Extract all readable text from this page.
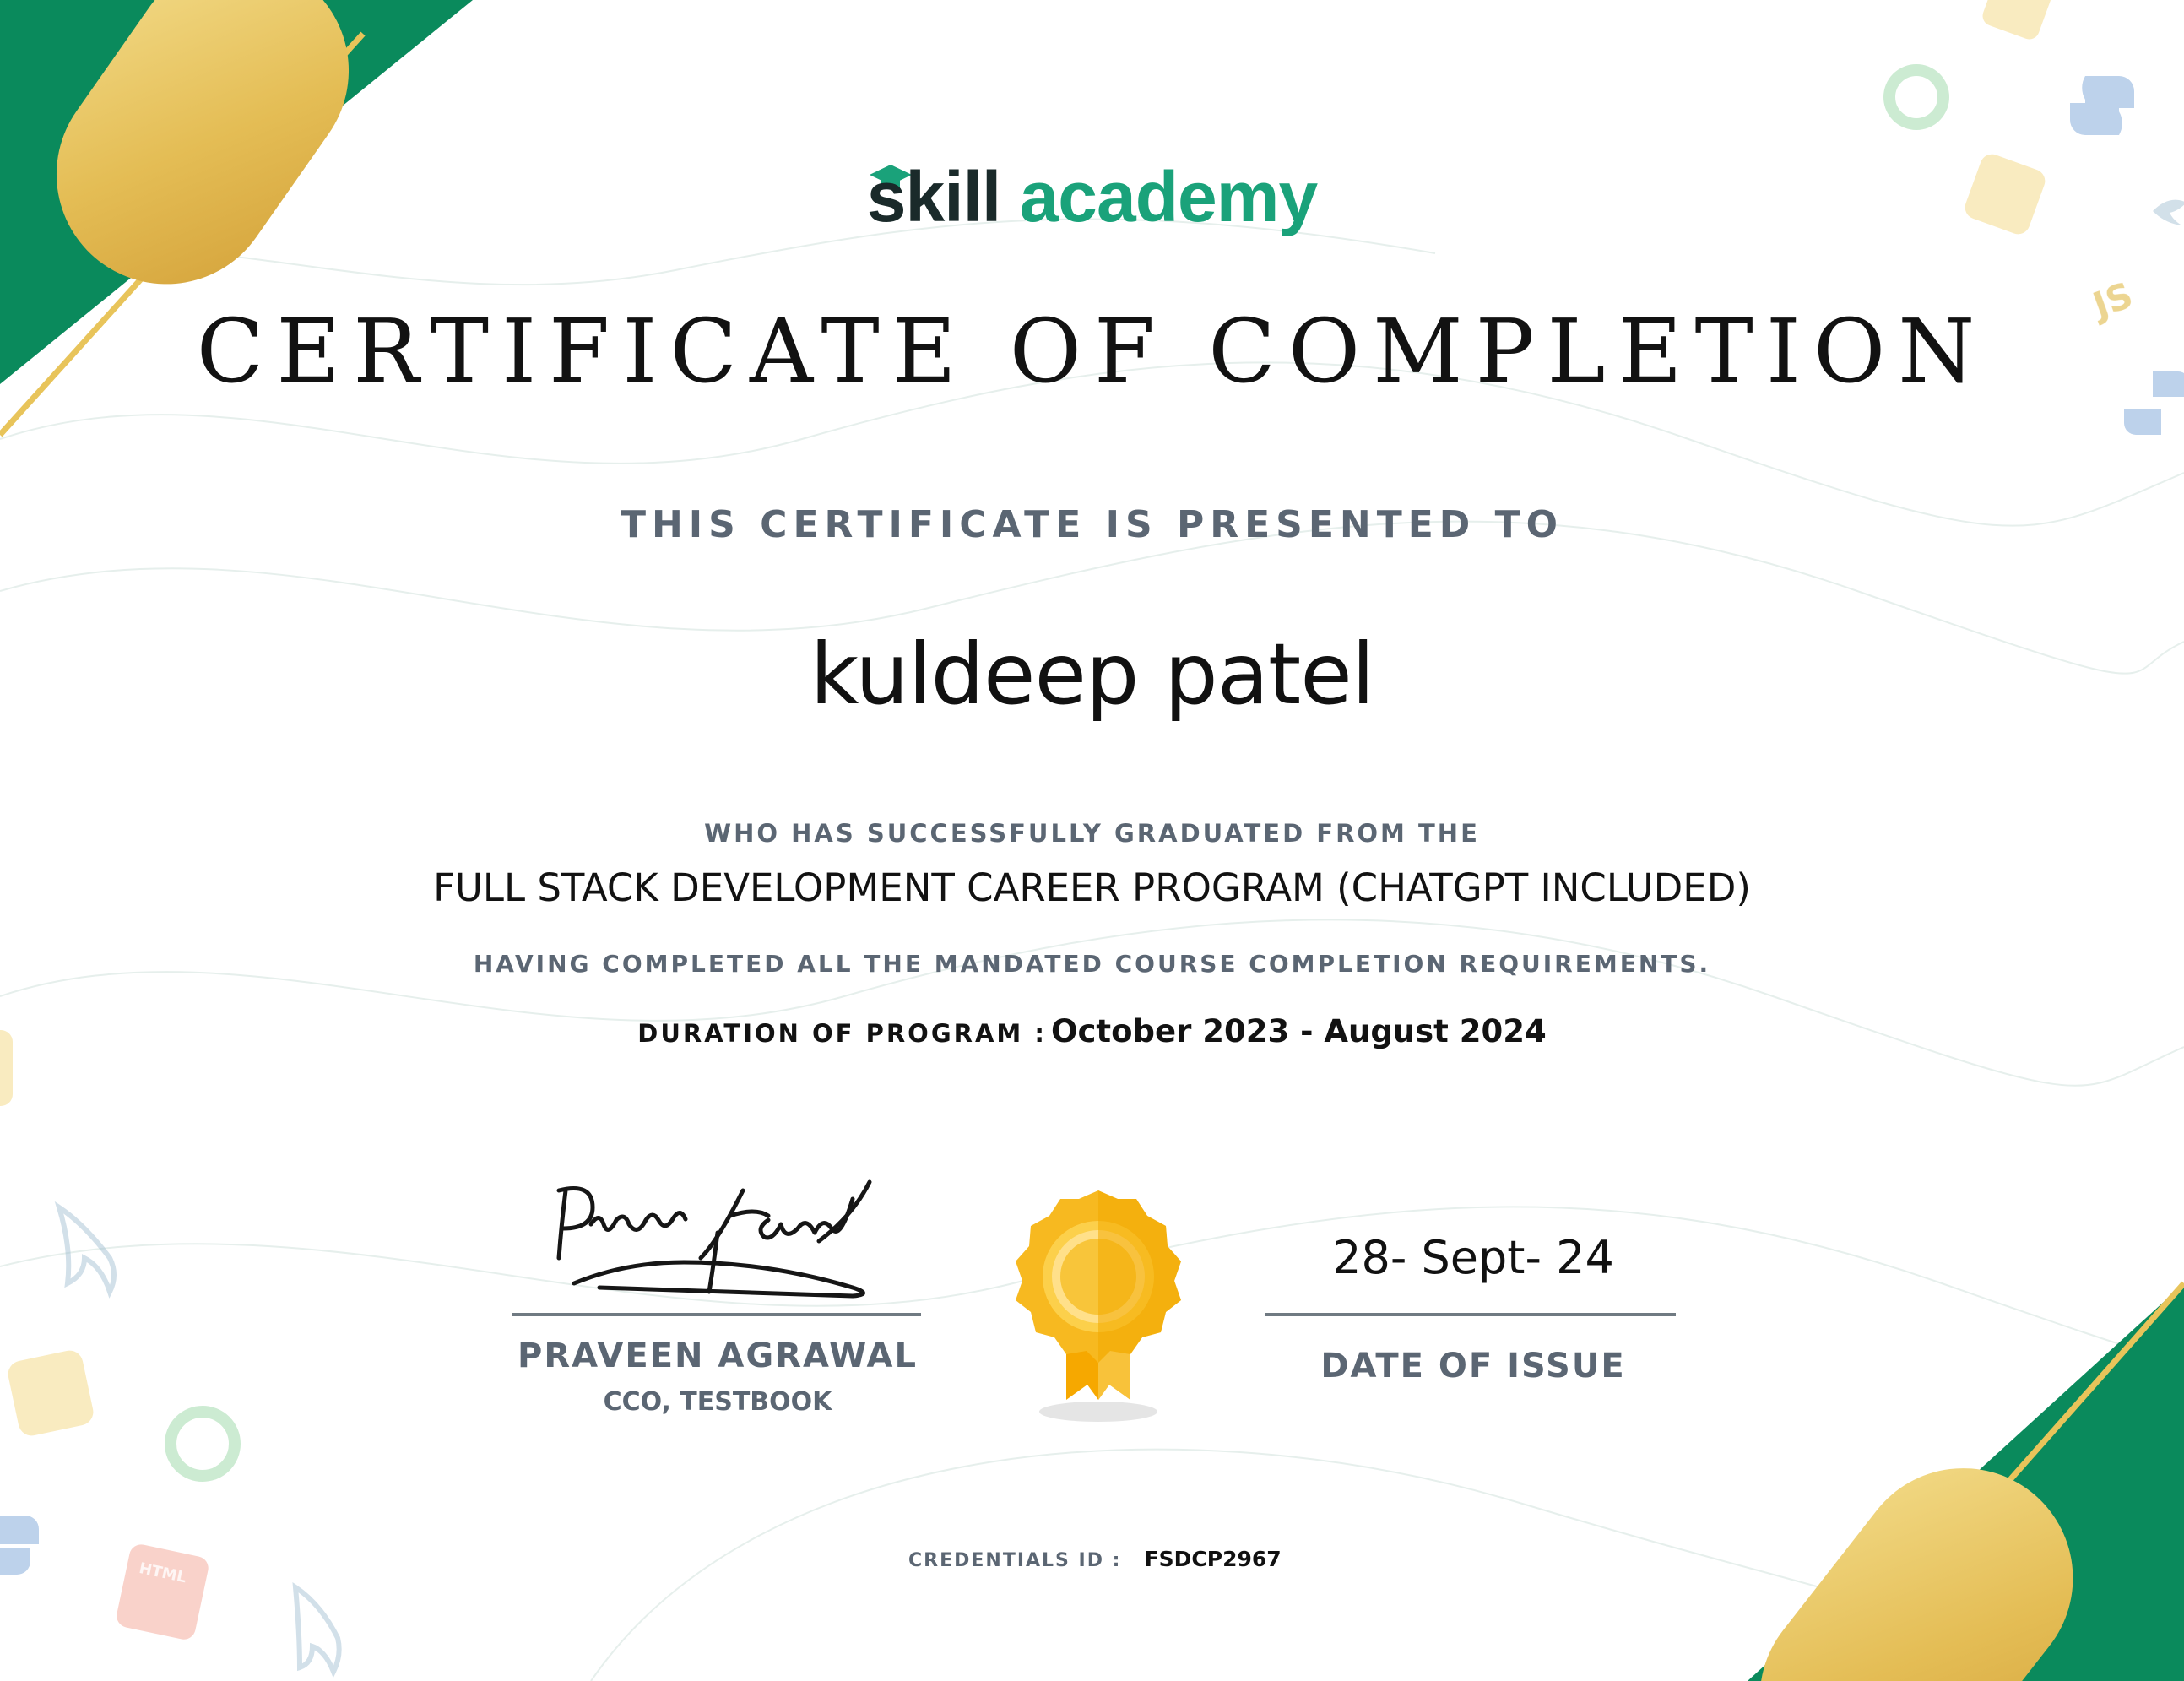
JS
HTML
skill academy
CERTIFICATE OF COMPLETION
THIS CERTIFICATE IS PRESENTED TO
kuldeep patel
WHO HAS SUCCESSFULLY GRADUATED FROM THE
FULL STACK DEVELOPMENT CAREER PROGRAM (CHATGPT INCLUDED)
HAVING COMPLETED ALL THE MANDATED COURSE COMPLETION REQUIREMENTS.
DURATION OF PROGRAM : October 2023 - August 2024
PRAVEEN AGRAWAL
CCO, TESTBOOK
28- Sept- 24
DATE OF ISSUE
CREDENTIALS ID : FSDCP2967
